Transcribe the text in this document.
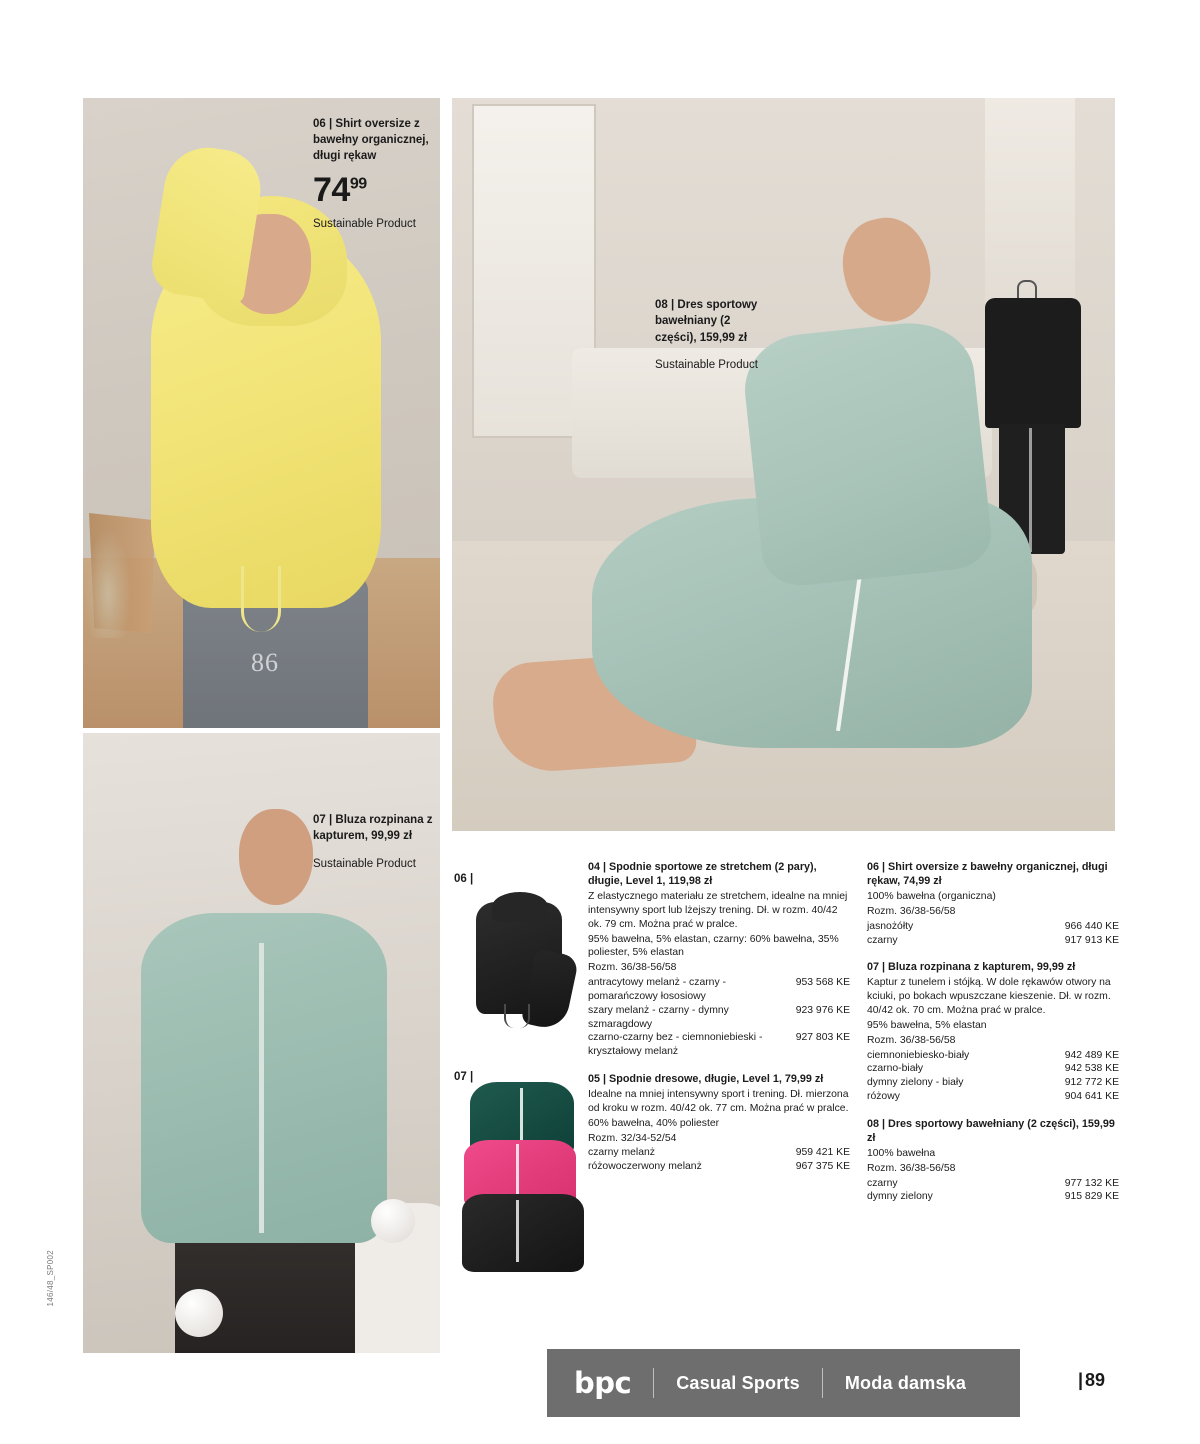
146/48_SP002
86
06 | Shirt oversize z bawełny organicznej, długi rękaw
$74^{99}$
Sustainable Product
07 | Bluza rozpinana z kapturem, 99,99 zł
Sustainable Product
08 | Dres sportowy bawełniany (2 części), 159,99 zł
Sustainable Product
06 |
07 |
04 | Spodnie sportowe ze stretchem (2 pary), długie, Level 1, 119,98 zł
Z elastycznego materiału ze stretchem, idealne na mniej intensywny sport lub lżejszy trening. Dł. w rozm. 40/42 ok. 79 cm. Można prać w pralce.
95% bawełna, 5% elastan, czarny: 60% bawełna, 35% poliester, 5% elastan
Rozm. 36/38-56/58
antracytowy melanż - czarny - pomarańczowy łososiowy
953 568 KE
szary melanż - czarny - dymny szmaragdowy
923 976 KE
czarno-czarny bez - ciemnoniebieski - kryształowy melanż
927 803 KE
05 | Spodnie dresowe, długie, Level 1, 79,99 zł
Idealne na mniej intensywny sport i trening. Dł. mierzona od kroku w rozm. 40/42 ok. 77 cm. Można prać w pralce.
60% bawełna, 40% poliester
Rozm. 32/34-52/54
czarny melanż	959 421 KE
różowoczerwony melanż	967 375 KE
06 | Shirt oversize z bawełny organicznej, długi rękaw, 74,99 zł
100% bawełna (organiczna)
Rozm. 36/38-56/58
jasnożółty	966 440 KE
czarny	917 913 KE
07 | Bluza rozpinana z kapturem, 99,99 zł
Kaptur z tunelem i stójką. W dole rękawów otwory na kciuki, po bokach wpuszczane kieszenie. Dł. w rozm. 40/42 ok. 70 cm. Można prać w pralce.
95% bawełna, 5% elastan
Rozm. 36/38-56/58
ciemnoniebiesko-biały	942 489 KE
czarno-biały	942 538 KE
dymny zielony - biały	912 772 KE
różowy	904 641 KE
08 | Dres sportowy bawełniany (2 części), 159,99 zł
100% bawełna
Rozm. 36/38-56/58
czarny	977 132 KE
dymny zielony	915 829 KE
bpc	Casual Sports	Moda damska	| 89
